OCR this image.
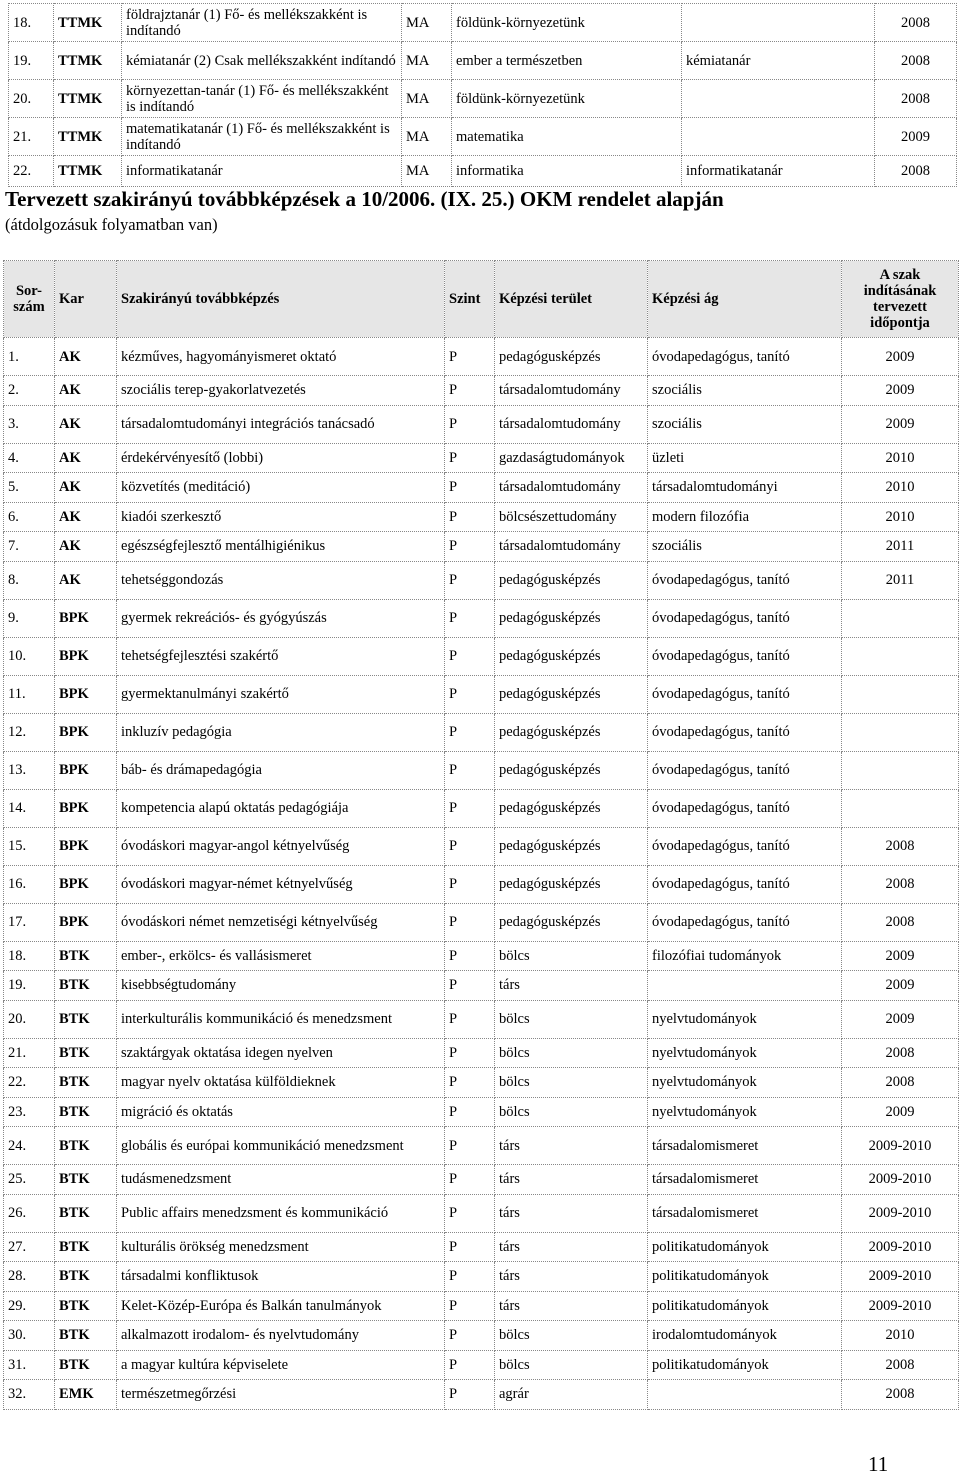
18.	TTMK	földrajztanár (1) Fő- és mellékszakként is indítandó	MA	földünk-környezetünk		2008
19.	TTMK	kémiatanár (2) Csak mellékszakként indítandó	MA	ember a természetben	kémiatanár	2008
20.	TTMK	környezettan-tanár (1) Fő- és mellékszakként is indítandó	MA	földünk-környezetünk		2008
21.	TTMK	matematikatanár (1) Fő- és mellékszakként is indítandó	MA	matematika		2009
22.	TTMK	informatikatanár	MA	informatika	informatikatanár	2008
Tervezett szakirányú továbbképzések a 10/2006. (IX. 25.) OKM rendelet alapján

(átdolgozásuk folyamatban van)

Sor-szám	Kar	Szakirányú továbbképzés	Szint	Képzési terület	Képzési ág	A szak indításának tervezett időpontja
1.	AK	kézműves, hagyományismeret oktató	P	pedagógusképzés	óvodapedagógus, tanító	2009
2.	AK	szociális terep-gyakorlatvezetés	P	társadalomtudomány	szociális	2009
3.	AK	társadalomtudományi integrációs tanácsadó	P	társadalomtudomány	szociális	2009
4.	AK	érdekérvényesítő (lobbi)	P	gazdaságtudományok	üzleti	2010
5.	AK	közvetítés (meditáció)	P	társadalomtudomány	társadalomtudományi	2010
6.	AK	kiadói szerkesztő	P	bölcsészettudomány	modern filozófia	2010
7.	AK	egészségfejlesztő mentálhigiénikus	P	társadalomtudomány	szociális	2011
8.	AK	tehetséggondozás	P	pedagógusképzés	óvodapedagógus, tanító	2011
9.	BPK	gyermek rekreációs- és gyógyúszás	P	pedagógusképzés	óvodapedagógus, tanító	
10.	BPK	tehetségfejlesztési szakértő	P	pedagógusképzés	óvodapedagógus, tanító	
11.	BPK	gyermektanulmányi szakértő	P	pedagógusképzés	óvodapedagógus, tanító	
12.	BPK	inkluzív pedagógia	P	pedagógusképzés	óvodapedagógus, tanító	
13.	BPK	báb- és drámapedagógia	P	pedagógusképzés	óvodapedagógus, tanító	
14.	BPK	kompetencia alapú oktatás pedagógiája	P	pedagógusképzés	óvodapedagógus, tanító	
15.	BPK	óvodáskori magyar-angol kétnyelvűség	P	pedagógusképzés	óvodapedagógus, tanító	2008
16.	BPK	óvodáskori magyar-német kétnyelvűség	P	pedagógusképzés	óvodapedagógus, tanító	2008
17.	BPK	óvodáskori német nemzetiségi kétnyelvűség	P	pedagógusképzés	óvodapedagógus, tanító	2008
18.	BTK	ember-, erkölcs- és vallásismeret	P	bölcs	filozófiai tudományok	2009
19.	BTK	kisebbségtudomány	P	társ		2009
20.	BTK	interkulturális kommunikáció és menedzsment	P	bölcs	nyelvtudományok	2009
21.	BTK	szaktárgyak oktatása idegen nyelven	P	bölcs	nyelvtudományok	2008
22.	BTK	magyar nyelv oktatása külföldieknek	P	bölcs	nyelvtudományok	2008
23.	BTK	migráció és oktatás	P	bölcs	nyelvtudományok	2009
24.	BTK	globális és európai kommunikáció menedzsment	P	társ	társadalomismeret	2009-2010
25.	BTK	tudásmenedzsment	P	társ	társadalomismeret	2009-2010
26.	BTK	Public affairs menedzsment és kommunikáció	P	társ	társadalomismeret	2009-2010
27.	BTK	kulturális örökség menedzsment	P	társ	politikatudományok	2009-2010
28.	BTK	társadalmi konfliktusok	P	társ	politikatudományok	2009-2010
29.	BTK	Kelet-Közép-Európa és Balkán tanulmányok	P	társ	politikatudományok	2009-2010
30.	BTK	alkalmazott irodalom- és nyelvtudomány	P	bölcs	irodalomtudományok	2010
31.	BTK	a magyar kultúra képviselete	P	bölcs	politikatudományok	2008
32.	EMK	természetmegőrzési	P	agrár		2008

11
